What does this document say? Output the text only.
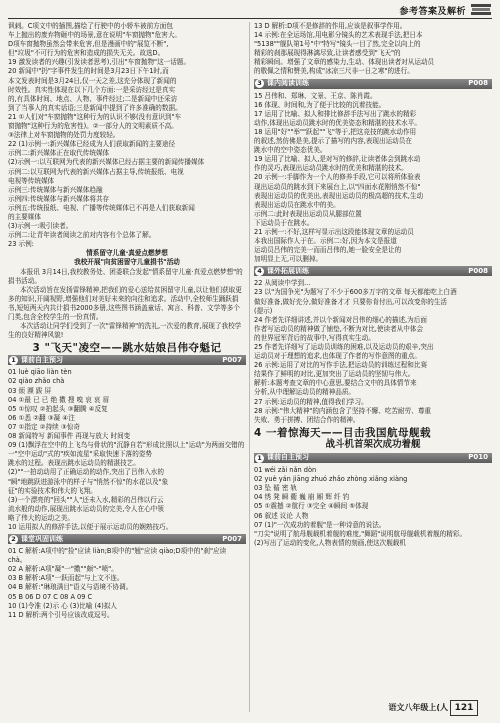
参考答案及解析

讽刺。C项文中的插图,描绘了行驶中的小轿车被前方面包

车上抛出的废弃物砸中的场景,意在说明"车窗抛物"危害大。

D项车窗抛物虽然会带来危害,但是漫画中的"展览不断",

但"垃圾"不可行为的危害和造成的损失无关。故选D。

19 激发读者的兴趣(引发读者思考),引出"车窗抛物"这一话题。

20 新闻中"扔"字事件发生的时间是3月23日下午1时,而

本文发表时间是3月24日,仅一天之差,这充分体现了新闻的

时效性。真实性体现在以下几个方面:一是采访经过是真实

的,有具体时间、地点、人物、事件经过;二是新闻中还采访

到了当事人的真实话语;三是新闻中提到了许多准确的数据。

21 ①人们对"车窗抛物"这种行为的认识不够(没有意识到"车

窗抛物"这种行为的危害性)。②一部分人的文明素质不高。

③法律上对车窗抛物的处罚力度较轻。

22 (1)示例一:新兴媒体已经成为人们获取新闻的主要途径

示例二:新兴媒体正在取代传统媒体

(2)示例一:以互联网为代表的新兴媒体已经占据主要的新闻传播媒体

示例二:以互联网为代表的新兴媒体占据主导,传统报纸、电视

电视等传统媒体

示例三:传统媒体与新兴媒体趋融

示例四:传统媒体与新兴媒体将共存

示例五:传统报纸、电视、广播等传统媒体已不再是人们获取新闻

的主要媒体

(3)示例一:吸引读者。

示例二:让青年读者阅读之前对内容有个总体了解。

23 示例:

情系留守儿童·真爱点燃梦想

我校开展"向贫困留守儿童捐书"活动

本报讯 3月14日,我校教务处、团委联合发起"情系留守儿童·真爱点燃梦想"的捐书活动。

本次活动旨在发扬雷锋精神,把我们的爱心送给贫困留守儿童,以让他们获取更多的知识,开阔视野,增强他们对美好未来的向往和追求。活动中,全校师生踊跃捐书,短短两天内共计捐书2000多册,这些图书涵盖童话、寓言、科普、文学等多个门类,包含全校学生的一份真情。

本次活动让同学们受到了一次"雷锋精神"的洗礼,一次爱的教育,展现了我校学生的良好精神风貌!

3 "飞天"凌空——跳水姑娘吕伟夺魁记
1 课前自主预习	P007

01 luè qiāo liàn tèn

02 qiào zhǎo chà

03 烦 濒 跋 屏

04 ①最 已 已 绝 擞 搜 嗅 哀 哀 眉

05 ①惊叹 ②拍起头 ③翻腾 ④反复

06 ①悉 ②翻 ③凝 ④注

07 ①指定 ②持续 ③惊奇

08 新闻特写 新闻事件 再现与放大 时间变

09 (1)飘浮在空中的上飞鸟与骨状的"沉静自若"形成比照以上"运动"为两面交错的一"空中运动"式的"疾如流星"采取快速下落的姿势

跳水的过程。表现出跳水运动员的精湛技艺。

(2)""一拍动动用了正确运动的动作,突出了吕伟入水的

"瞬"地跳跃进游泳中的样子与"悄然不惊"的水花以及"象

征"的实验技术和伟大的飞翔。

(3)一个漂亮的"回头""人"还未入水,精彩的吕伟以行云

流水般的动作,展现出跳水运动员的完美,令人在心中领

略了伟大的运动之美。

10 运用拟人的修辞手法,以便于展示运动员的娴熟技巧。

2 课堂巩固训练	P007

01 C 解析:A项中的"捡"应读 liàn;B项中的"翘"应读 qiào;D项中的"刹"应读 chà。

02 A 解析:A项"凝"一"擞""颇"-"喷"。

03 B 解析:A项"一跃而起"与上文不连。

04 B 解析:"琳琅满目"语义与语境不协调。

05 B 06 D 07 C 08 A 09 C

10 (1)令准 (2)示 心 (3)比喻 (4)拟人

11 D 解析:两个引号应该改成逗号。

13 D 解析:D项不是修辞的作用,应该是叙事学作用。

14 示例:在全运场馆,用电影分镜头的艺术表现手法,把日本

"5138""舰队第1号"中"特写"镜头一目了然,完全以向上的

精彩的刹那展现得淋漓尽致,让读者感受到"飞天"的

精彩瞬间。增强了文章的感染力,生动、体现出读者对从运动员

的敬佩之情和赞美,构成"冰凉三尺非一日之寒"的进行。

3 课内阅读训练	P008

15 吕伟和、郑琳、文景、王京、陈肖霞。

16 体现、时间和,为了便于比较的沉着技能。

17 运用了比喻、拟人和排比修辞手法写出了跳水的精彩

动作,体现出运动员跳水时的优美姿态和精湛的技术水平。

18 运用"好""举""跃起""飞"等于,把这竞技的跳水动作用

的叙述,然仿佛是美,提示了描写的内容,表现出运动员在

跳水中的空中姿态优美。

19 运用了比喻、拟人,是对写的修辞,让读者体会到跳水动

作的灵巧,表现出运动员跳水时的优美和精湛的技术。

20 示例一:手脚作为一个人的修养手段,它可以将所体验表

现出运动员的跳水到下来展台上,以"四面水花刚悄然不惊"

表现出运动员的优美出,表现出运动员的极高超的技术,生动

表现出运动员在跳水中的美。

示例二:此时表现出运动员从腿部位置

下运动员于在跳水。

21 示例一:不好,这样写显示出这段能体现文章的运动员

本我出国际作人于在。示例二:好,因为本文是报道

运动员吕伟的完美一而而吕伟的,她一脸安全是让的

加明显上无,可以删掉。

4 课外拓展训练	P008

22 从阅读中学到...

23 以"为国争光"为题写了不少于600多万字的文章 每天都能吃上白酒

做好准备,做好充分,做好准备才才 只要你肯付出,可以改变你的生活

(提示)

24 作者先详细讲述,并以个新闻对吕伟的细心的描述,为后面

作者写运动员的精神做了铺垫,不断为对比,使读者从中体会

的世界冠军背后的故事中,写得真实生动。

25 作者先详细写了运动员训练的困难,以及运动员的艰辛,突出

运动员对于理想的追求,也体现了作者的写作意图的重点。

26 示例:运用了对比的写作手法,把运动员的训练过程和比赛

结果作了鲜明的对比,更加突出了运动员的坚韧与伟大。

解析:本题考查文章的中心意思,要结合文中的具体情节来

分析,从中理解运动员的精神品质。

27 示例:运动员的精神,值得我们学习。

28 示例:"伟大精神"的内涵包含了坚持不懈、吃苦耐劳、尊重

失败、勇于拼搏、团结合作的精神。

4 一着惊海天——目击我国航母舰载
战斗机首架次成功着舰
1 课前自主预习	P010

01 wéi zǎi nǎn dòn

02 yuè yán jiāng zhuó zhǎo zhòng xiǎng xiàng

03 坠 循 密 轨

04 绣 凳 瞬 衢 巍 崩 厢 辉 纤 钓

05 ①震撼 ②航行 ③完全 ④瞬间 ⑤体现

06 叙述 议论 人物

07 (1)"一次成功的着舰"是一种诗意的说法。

"刀尖"说明了航母舰载机着舰的难度,"舞蹈"说明航母舰载机着舰的精彩。

(2)写出了运动的变化,人物表情的刻画,使这次舰载机

语文八年级上(人 121
